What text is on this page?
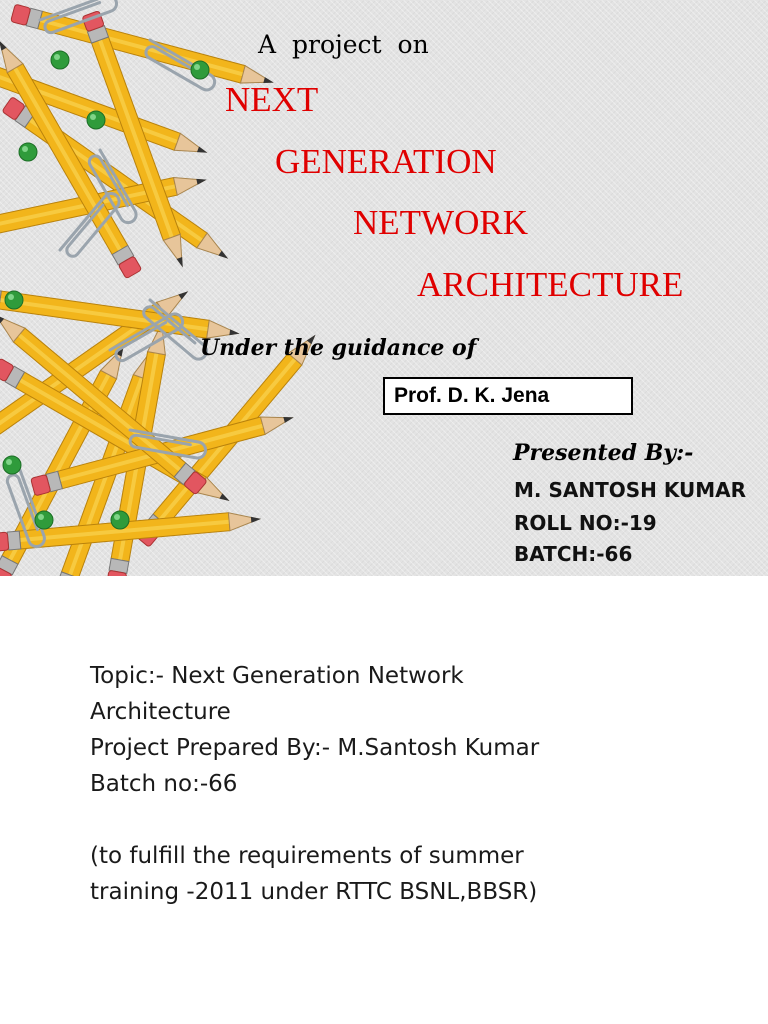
A project on
NEXT
GENERATION
NETWORK
ARCHITECTURE
Under the guidance of
Prof. D. K. Jena
Presented By:-
M. SANTOSH KUMAR
ROLL NO:-19
BATCH:-66
Topic:- Next Generation Network
Architecture
Project Prepared By:- M.Santosh Kumar
Batch no:-66
(to fulfill the requirements of summer
training -2011 under RTTC BSNL,BBSR)
